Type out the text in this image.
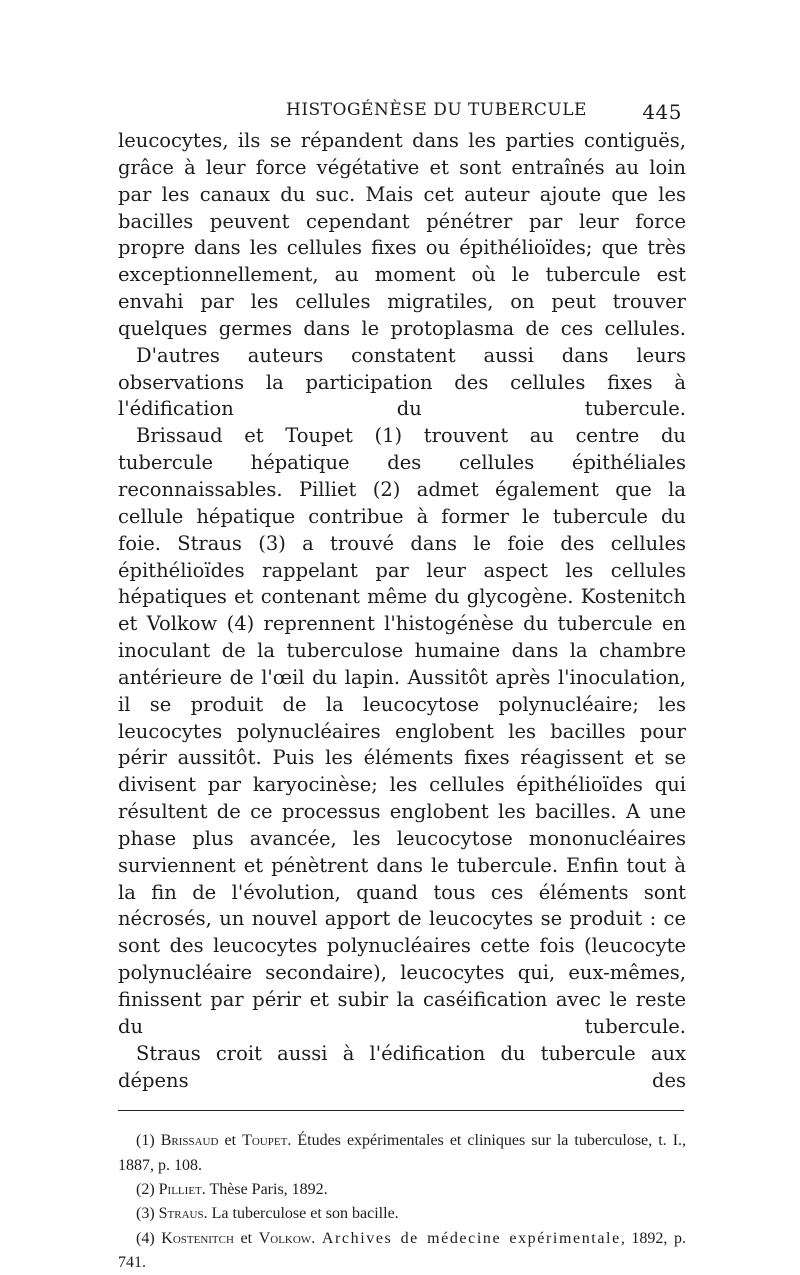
HISTOGÉNÈSE DU TUBERCULE	445

leucocytes, ils se répandent dans les parties contiguës, grâce à leur force végétative et sont entraînés au loin par les canaux du suc. Mais cet auteur ajoute que les bacilles peuvent cependant pénétrer par leur force propre dans les cellules fixes ou épithélioïdes; que très exceptionnellement, au moment où le tubercule est envahi par les cellules migratiles, on peut trouver quelques germes dans le protoplasma de ces cellules.

D'autres auteurs constatent aussi dans leurs observations la participation des cellules fixes à l'édification du tubercule.

Brissaud et Toupet (1) trouvent au centre du tubercule hépatique des cellules épithéliales reconnaissables. Pilliet (2) admet également que la cellule hépatique contribue à former le tubercule du foie. Straus (3) a trouvé dans le foie des cellules épithélioïdes rappelant par leur aspect les cellules hépatiques et contenant même du glycogène. Kostenitch et Volkow (4) reprennent l'histogénèse du tubercule en inoculant de la tuberculose humaine dans la chambre antérieure de l'œil du lapin. Aussitôt après l'inoculation, il se produit de la leucocytose polynucléaire; les leucocytes polynucléaires englobent les bacilles pour périr aussitôt. Puis les éléments fixes réagissent et se divisent par karyocinèse; les cellules épithélioïdes qui résultent de ce processus englobent les bacilles. A une phase plus avancée, les leucocytose mononucléaires surviennent et pénètrent dans le tubercule. Enfin tout à la fin de l'évolution, quand tous ces éléments sont nécrosés, un nouvel apport de leucocytes se produit : ce sont des leucocytes polynucléaires cette fois (leucocyte polynucléaire secondaire), leucocytes qui, eux-mêmes, finissent par périr et subir la caséification avec le reste du tubercule.

Straus croit aussi à l'édification du tubercule aux dépens des

(1) Brissaud et Toupet. Études expérimentales et cliniques sur la tuberculose, t. I., 1887, p. 108.

(2) Pilliet. Thèse Paris, 1892.

(3) Straus. La tuberculose et son bacille.

(4) Kostenitch et Volkow. Archives de médecine expérimentale, 1892, p. 741.
